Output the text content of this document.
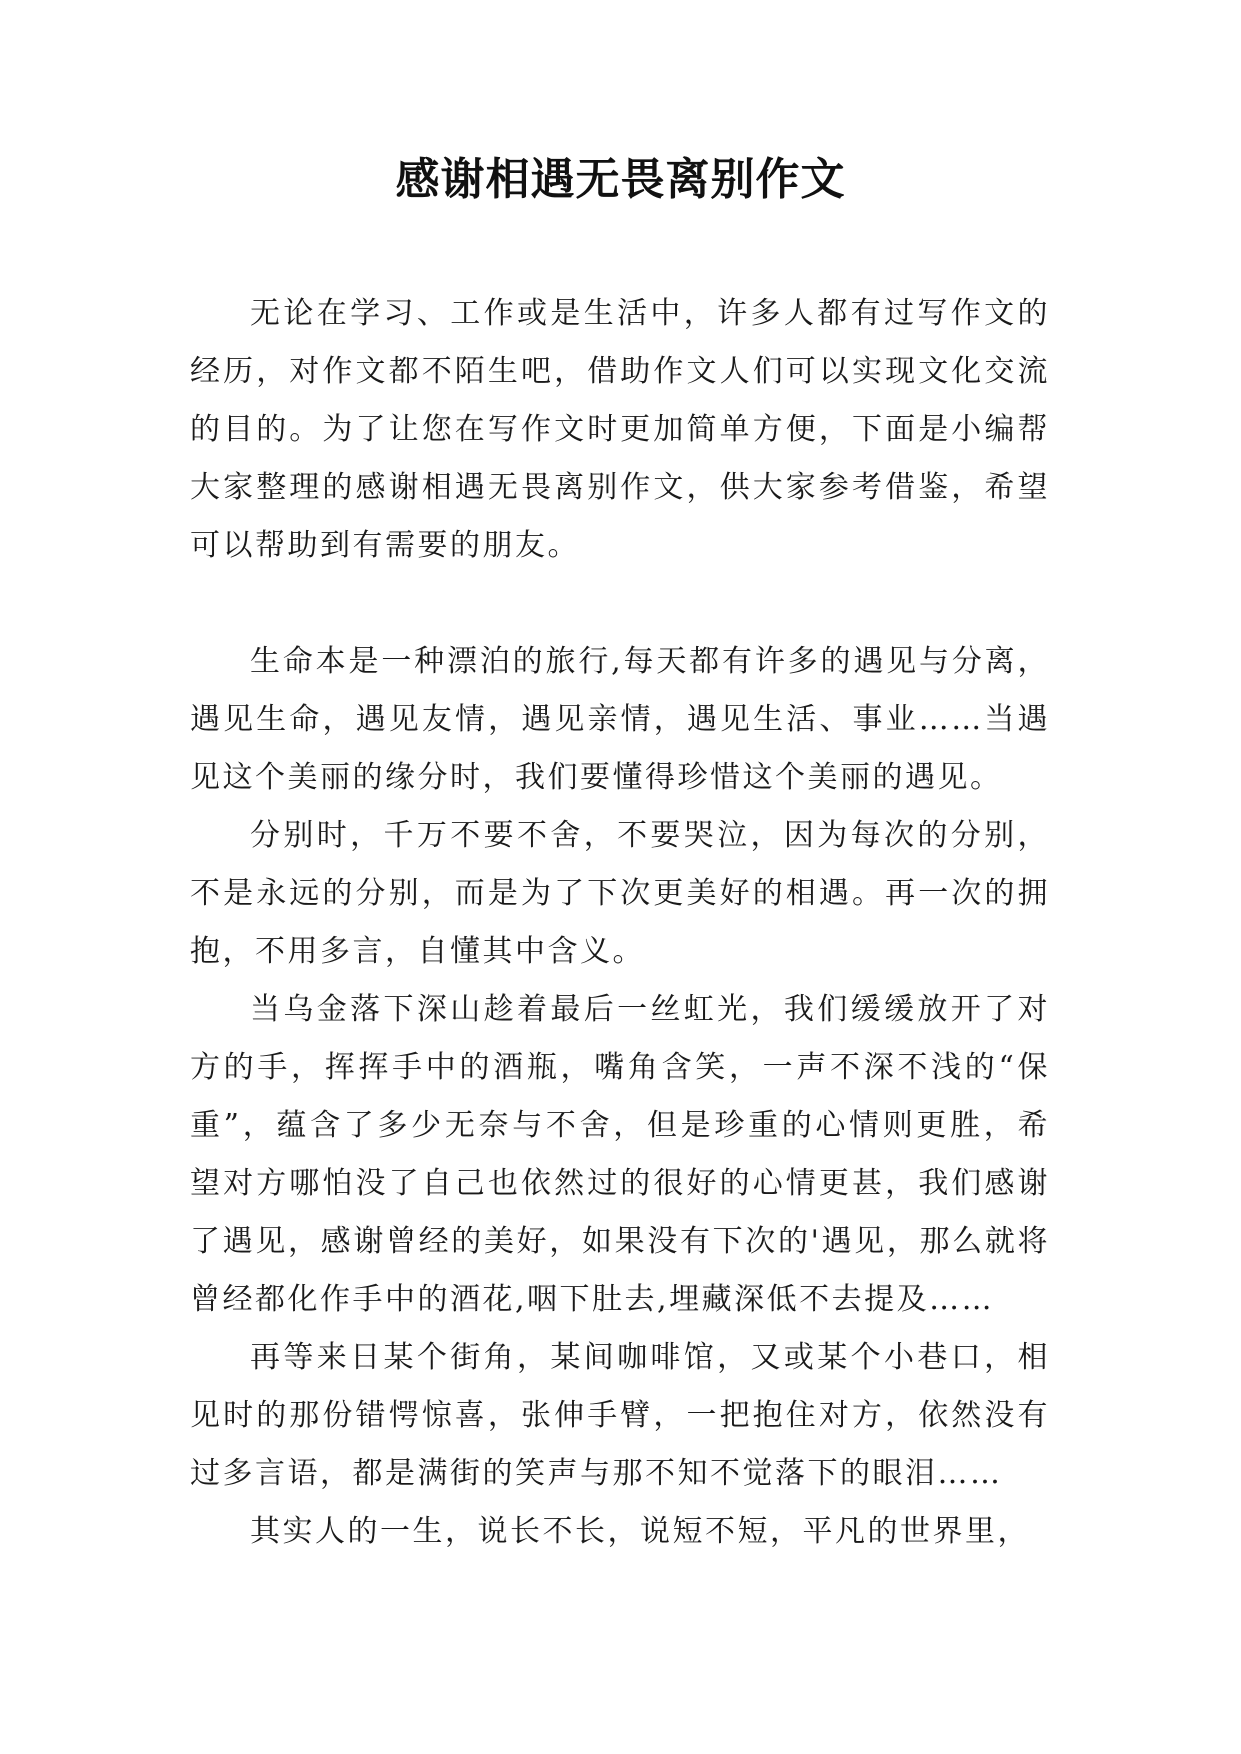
感谢相遇无畏离别作文

无论在学习、工作或是生活中，许多人都有过写作文的经历，对作文都不陌生吧，借助作文人们可以实现文化交流的目的。为了让您在写作文时更加简单方便，下面是小编帮大家整理的感谢相遇无畏离别作文，供大家参考借鉴，希望可以帮助到有需要的朋友。

生命本是一种漂泊的旅行,每天都有许多的遇见与分离，遇见生命，遇见友情，遇见亲情，遇见生活、事业……当遇见这个美丽的缘分时，我们要懂得珍惜这个美丽的遇见。

分别时，千万不要不舍，不要哭泣，因为每次的分别，不是永远的分别，而是为了下次更美好的相遇。再一次的拥抱，不用多言，自懂其中含义。

当乌金落下深山趁着最后一丝虹光，我们缓缓放开了对方的手，挥挥手中的酒瓶，嘴角含笑，一声不深不浅的“保重”，蕴含了多少无奈与不舍，但是珍重的心情则更胜，希望对方哪怕没了自己也依然过的很好的心情更甚，我们感谢了遇见，感谢曾经的美好，如果没有下次的'遇见，那么就将曾经都化作手中的酒花,咽下肚去,埋藏深低不去提及……

再等来日某个街角，某间咖啡馆，又或某个小巷口，相见时的那份错愕惊喜，张伸手臂，一把抱住对方，依然没有过多言语，都是满街的笑声与那不知不觉落下的眼泪……

其实人的一生，说长不长，说短不短，平凡的世界里，
